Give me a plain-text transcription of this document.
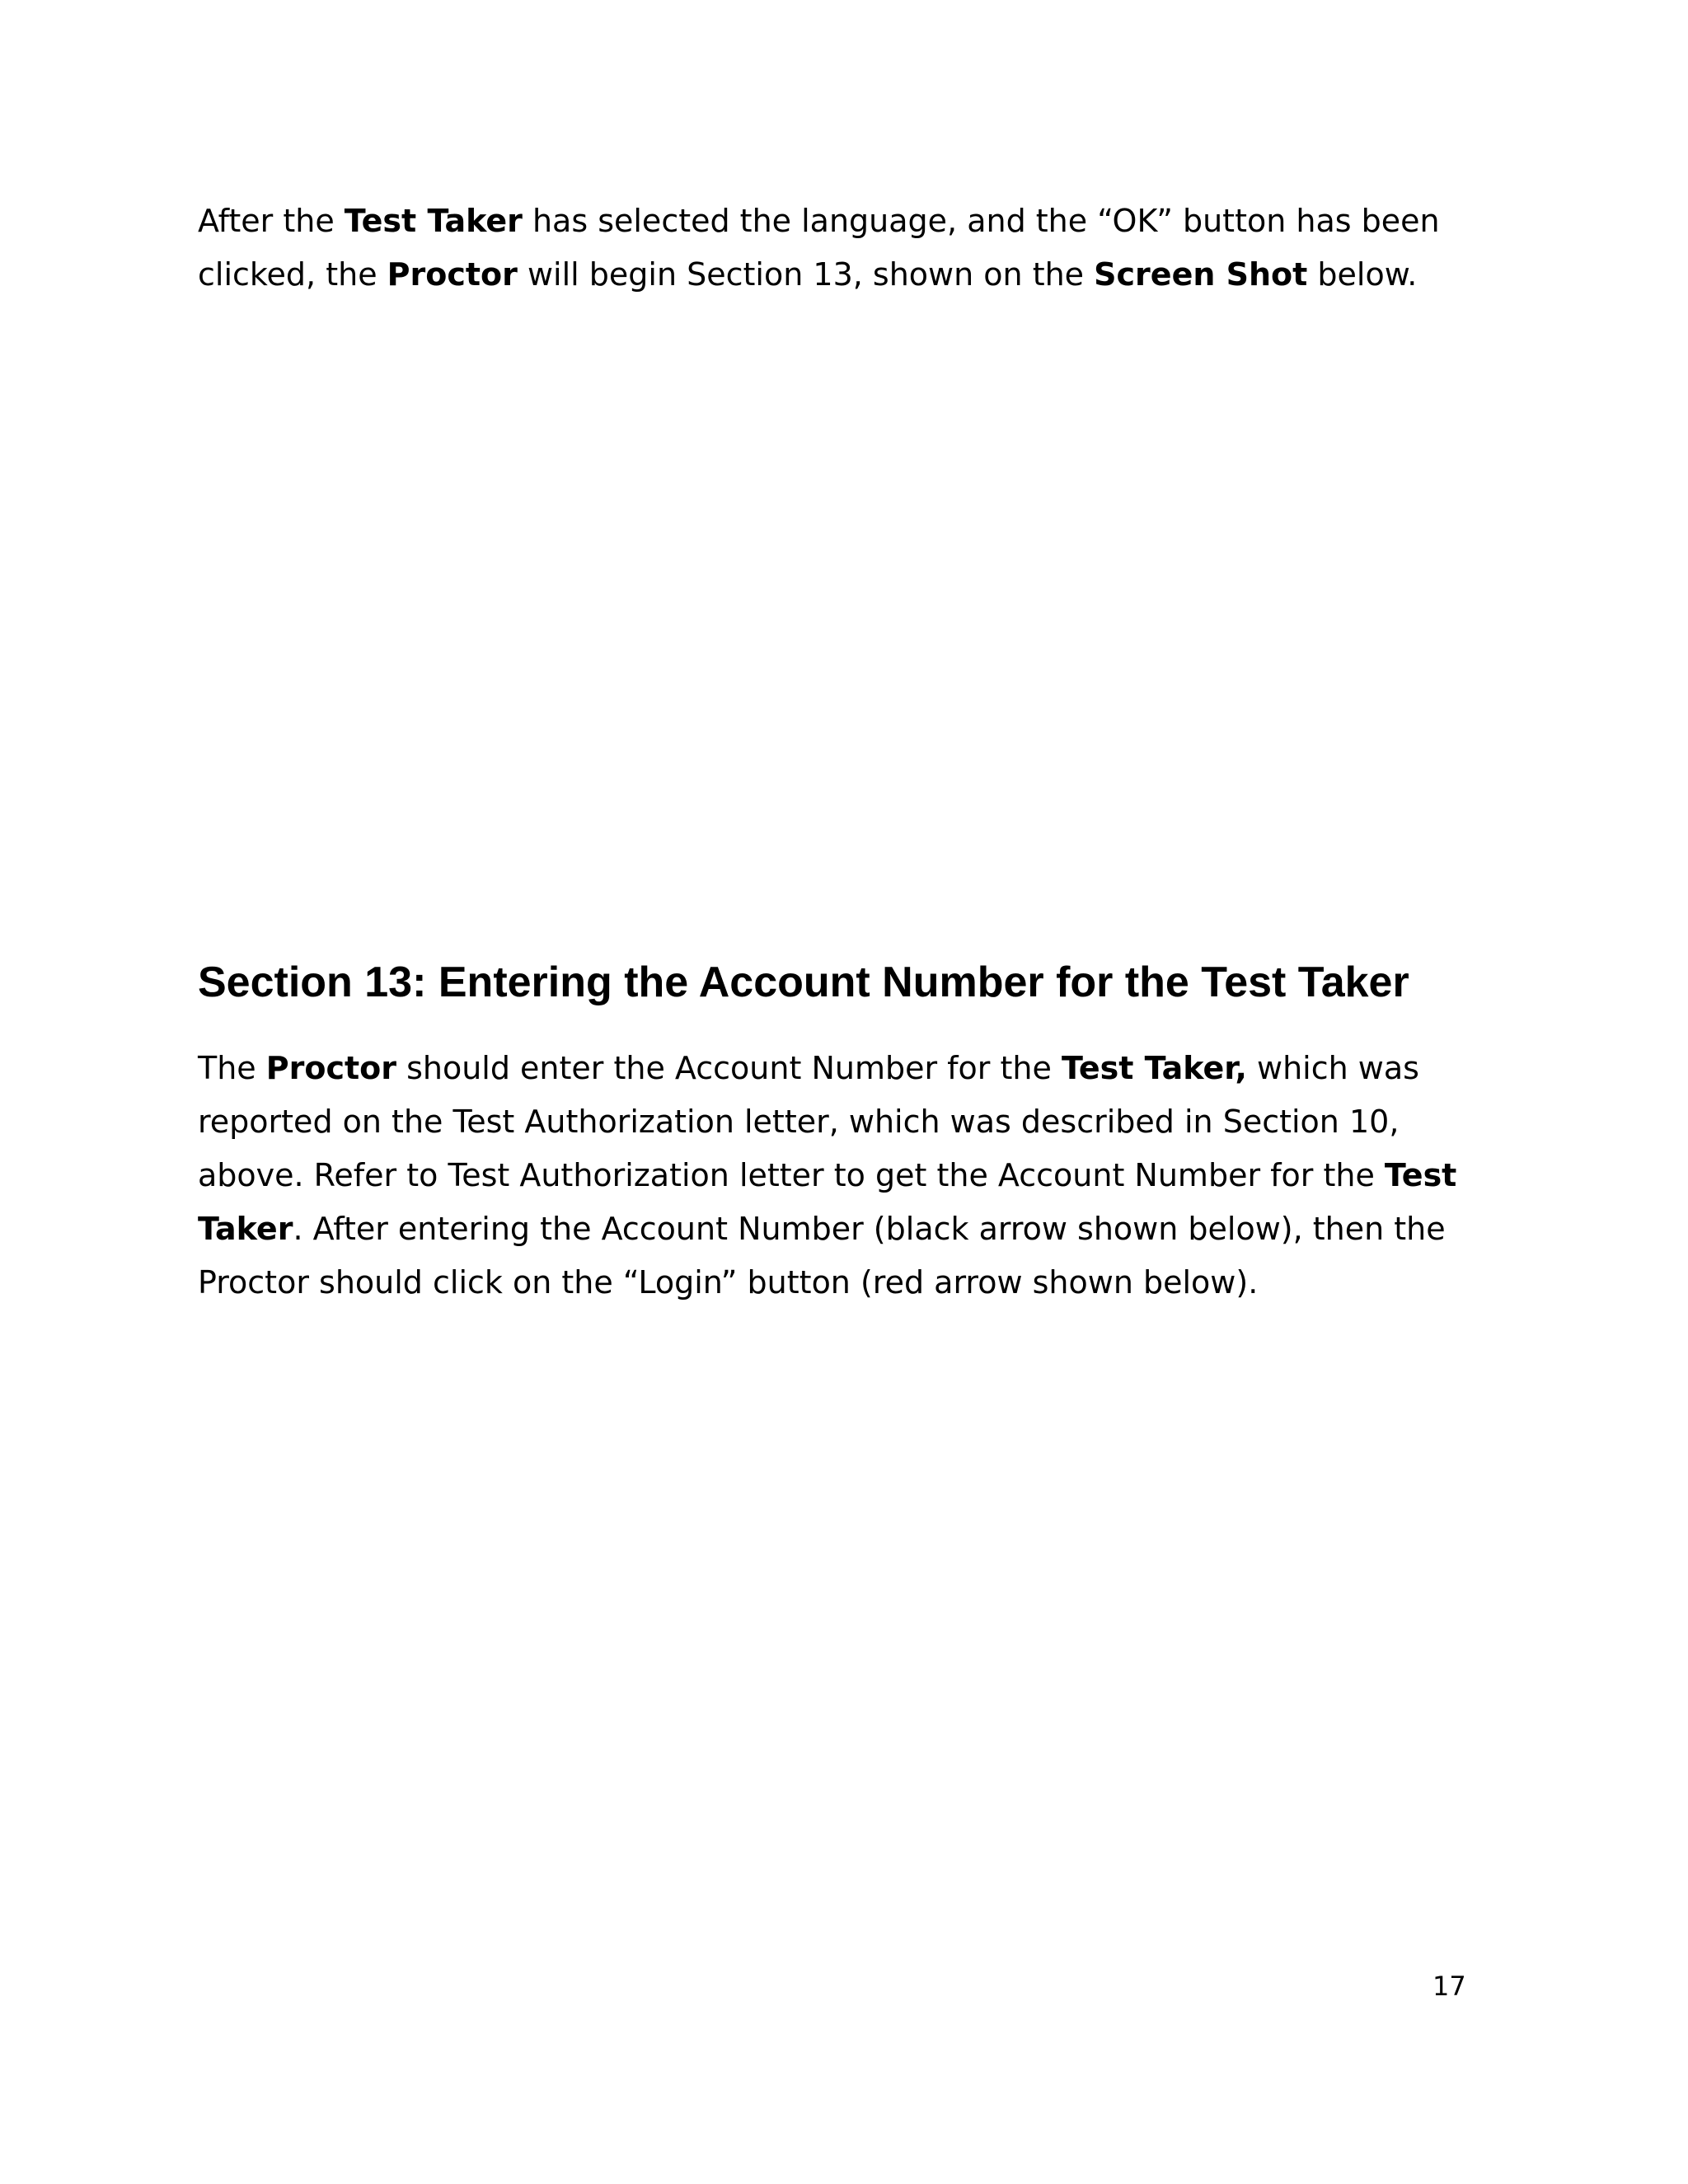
After the Test Taker has selected the language, and the “OK” button has been
clicked, the Proctor will begin Section 13, shown on the Screen Shot below.

Section 13: Entering the Account Number for the Test Taker

The Proctor should enter the Account Number for the Test Taker, which was
reported on the Test Authorization letter, which was described in Section 10,
above. Refer to Test Authorization letter to get the Account Number for the Test
Taker. After entering the Account Number (black arrow shown below), then the
Proctor should click on the “Login” button (red arrow shown below).

17
